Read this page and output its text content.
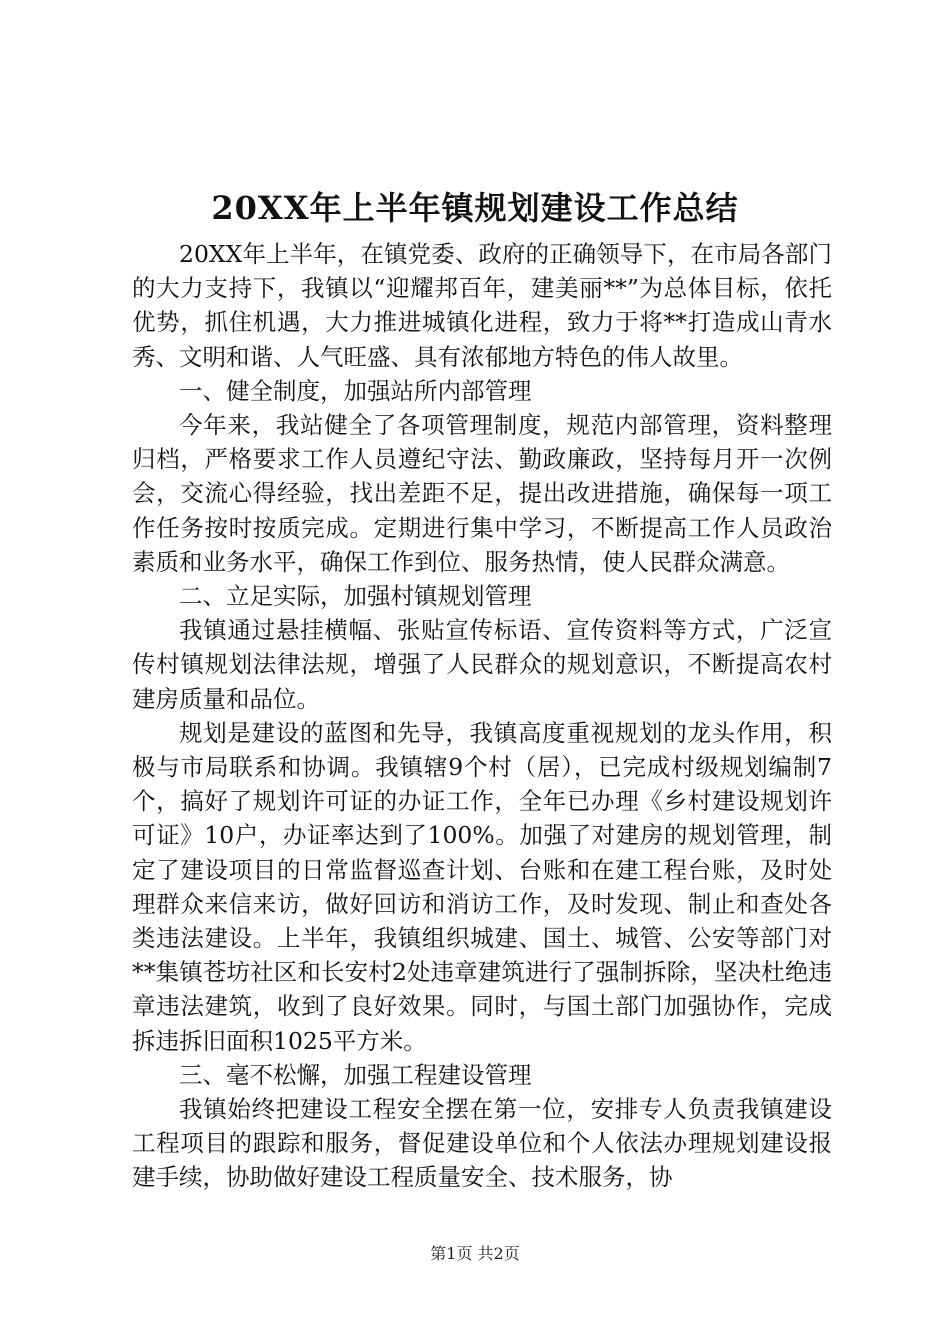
20XX年上半年镇规划建设工作总结

20XX年上半年，在镇党委、政府的正确领导下，在市局各部门的大力支持下，我镇以“迎耀邦百年，建美丽**”为总体目标，依托优势，抓住机遇，大力推进城镇化进程，致力于将**打造成山青水秀、文明和谐、人气旺盛、具有浓郁地方特色的伟人故里。

一、健全制度，加强站所内部管理

今年来，我站健全了各项管理制度，规范内部管理，资料整理归档，严格要求工作人员遵纪守法、勤政廉政，坚持每月开一次例会，交流心得经验，找出差距不足，提出改进措施，确保每一项工作任务按时按质完成。定期进行集中学习，不断提高工作人员政治素质和业务水平，确保工作到位、服务热情，使人民群众满意。

二、立足实际，加强村镇规划管理

我镇通过悬挂横幅、张贴宣传标语、宣传资料等方式，广泛宣传村镇规划法律法规，增强了人民群众的规划意识，不断提高农村建房质量和品位。

规划是建设的蓝图和先导，我镇高度重视规划的龙头作用，积极与市局联系和协调。我镇辖9个村（居），已完成村级规划编制7个，搞好了规划许可证的办证工作，全年已办理《乡村建设规划许可证》10户，办证率达到了100%。加强了对建房的规划管理，制定了建设项目的日常监督巡查计划、台账和在建工程台账，及时处理群众来信来访，做好回访和消访工作，及时发现、制止和查处各类违法建设。上半年，我镇组织城建、国土、城管、公安等部门对**集镇苍坊社区和长安村2处违章建筑进行了强制拆除，坚决杜绝违章违法建筑，收到了良好效果。同时，与国土部门加强协作，完成拆违拆旧面积1025平方米。

三、毫不松懈，加强工程建设管理

我镇始终把建设工程安全摆在第一位，安排专人负责我镇建设工程项目的跟踪和服务，督促建设单位和个人依法办理规划建设报建手续，协助做好建设工程质量安全、技术服务，协

第1页 共2页
